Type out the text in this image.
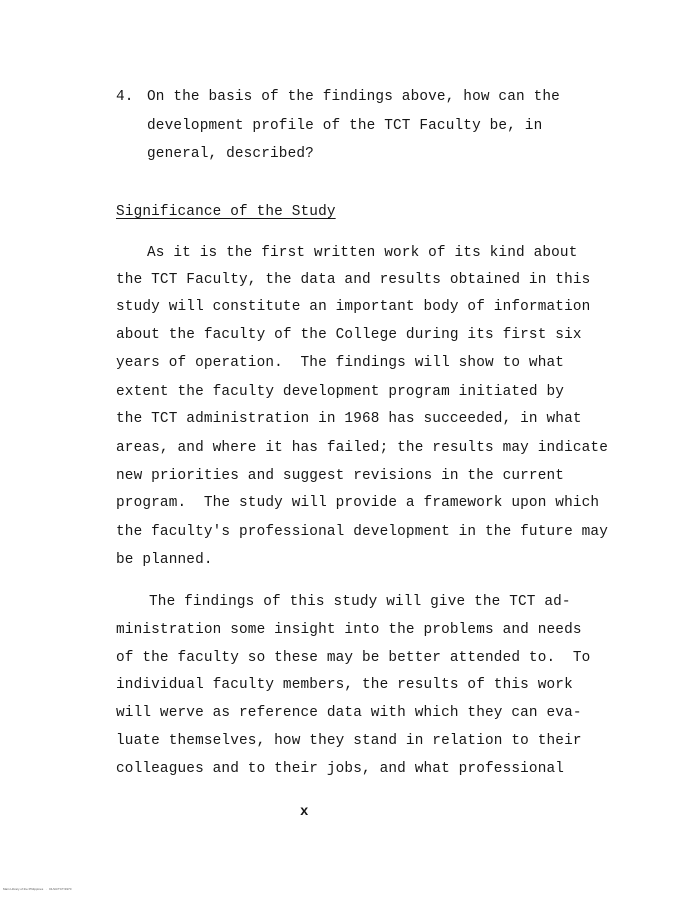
4. On the basis of the findings above, how can the
development profile of the TCT Faculty be, in
general, described?
Significance of the Study
As it is the first written work of its kind about
the TCT Faculty, the data and results obtained in this
study will constitute an important body of information
about the faculty of the College during its first six
years of operation.  The findings will show to what
extent the faculty development program initiated by
the TCT administration in 1968 has succeeded, in what
areas, and where it has failed; the results may indicate
new priorities and suggest revisions in the current
program.  The study will provide a framework upon which
the faculty's professional development in the future may
be planned.
The findings of this study will give the TCT ad-
ministration some insight into the problems and needs
of the faculty so these may be better attended to.  To
individual faculty members, the results of this work
will werve as reference data with which they can eva-
luate themselves, how they stand in relation to their
colleagues and to their jobs, and what professional
x
Main Library of the Philippines   ·   DLSU/TCT/1970
